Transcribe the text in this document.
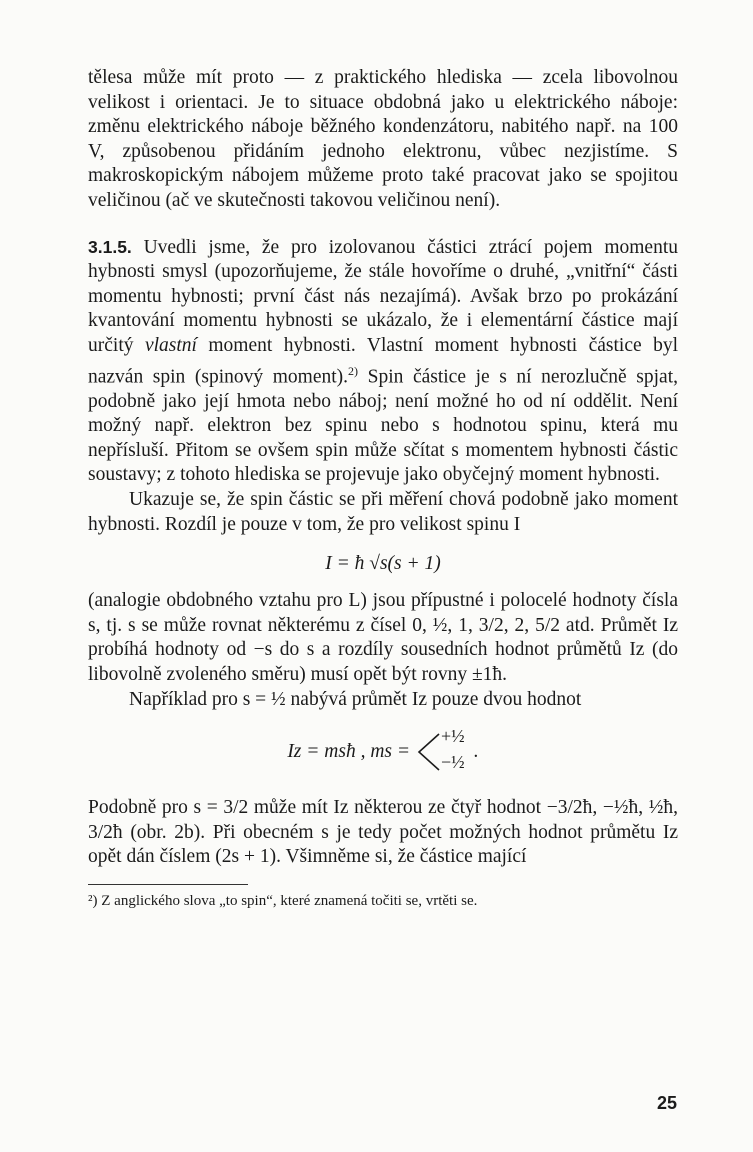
tělesa může mít proto — z praktického hlediska — zcela libovolnou velikost i orientaci. Je to situace obdobná jako u elektrického náboje: změnu elektrického náboje běžného kondenzátoru, nabitého např. na 100 V, způsobenou přidáním jednoho elektronu, vůbec nezjistíme. S makroskopickým nábojem můžeme proto také pracovat jako se spojitou veličinou (ač ve skutečnosti takovou veličinou není).

3.1.5. Uvedli jsme, že pro izolovanou částici ztrácí pojem momentu hybnosti smysl (upozorňujeme, že stále hovoříme o druhé, „vnitřní“ části momentu hybnosti; první část nás nezajímá). Avšak brzo po prokázání kvantování momentu hybnosti se ukázalo, že i elementární částice mají určitý vlastní moment hybnosti. Vlastní moment hybnosti částice byl nazván spin (spinový moment).$^{2)}$ Spin částice je s ní nerozlučně spjat, podobně jako její hmota nebo náboj; není možné ho od ní oddělit. Není možný např. elektron bez spinu nebo s hodnotou spinu, která mu nepřísluší. Přitom se ovšem spin může sčítat s momentem hybnosti částic soustavy; z tohoto hlediska se projevuje jako obyčejný moment hybnosti.

Ukazuje se, že spin částic se při měření chová podobně jako moment hybnosti. Rozdíl je pouze v tom, že pro velikost spinu I

I = ħ √s(s + 1)

(analogie obdobného vztahu pro L) jsou přípustné i polocelé hodnoty čísla s, tj. s se může rovnat některému z čísel 0, ½, 1, 3/2, 2, 5/2 atd. Průmět Iz probíhá hodnoty od −s do s a rozdíly sousedních hodnot průmětů Iz (do libovolně zvoleného směru) musí opět být rovny ±1ħ.

Například pro s = ½ nabývá průmět Iz pouze dvou hodnot

Iz = msħ , ms =
+½
−½ .

Podobně pro s = 3/2 může mít Iz některou ze čtyř hodnot −3/2ħ, −½ħ, ½ħ, 3/2ħ (obr. 2b). Při obecném s je tedy počet možných hodnot průmětu Iz opět dán číslem (2s + 1). Všimněme si, že částice mající

²) Z anglického slova „to spin“, které znamená točiti se, vrtěti se.

25
